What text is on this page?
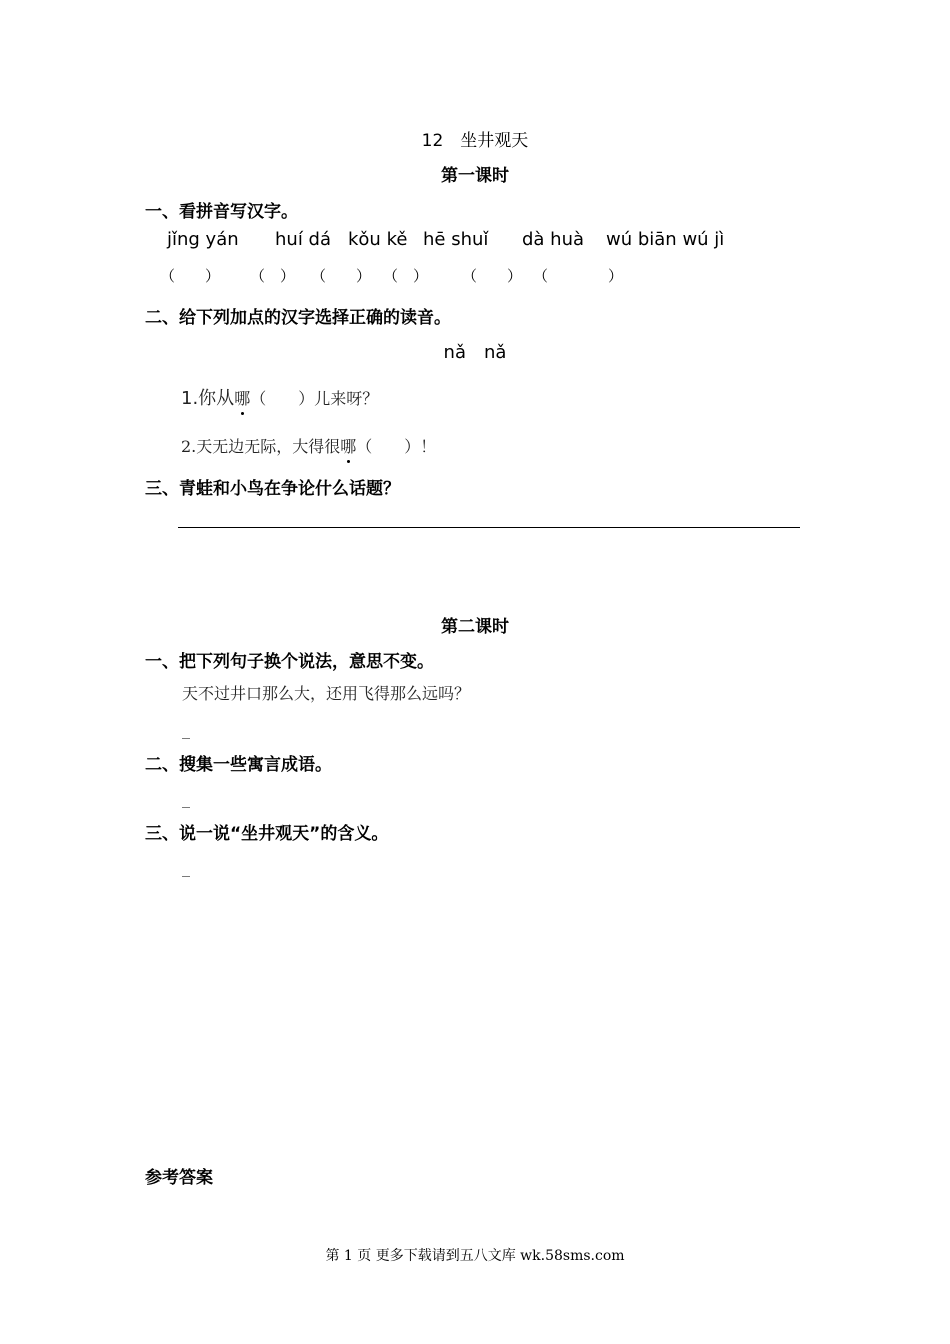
12　坐井观天
第一课时
一、看拼音写汉字。
jǐng yán huí dá kǒu kě hē shuǐ dà huà wú biān wú jì
（　　） （　） （　　） （　） （　　） （　　　　）
二、给下列加点的汉字选择正确的读音。
nǎ　nǎ
1.你从哪（　　）儿来呀？
2.天无边无际，大得很哪（　　）！
三、青蛙和小鸟在争论什么话题？
第二课时
一、把下列句子换个说法，意思不变。
天不过井口那么大，还用飞得那么远吗？
_
二、搜集一些寓言成语。
_
三、说一说“坐井观天”的含义。
_
参考答案
第 1 页 更多下载请到五八文库 wk.58sms.com
